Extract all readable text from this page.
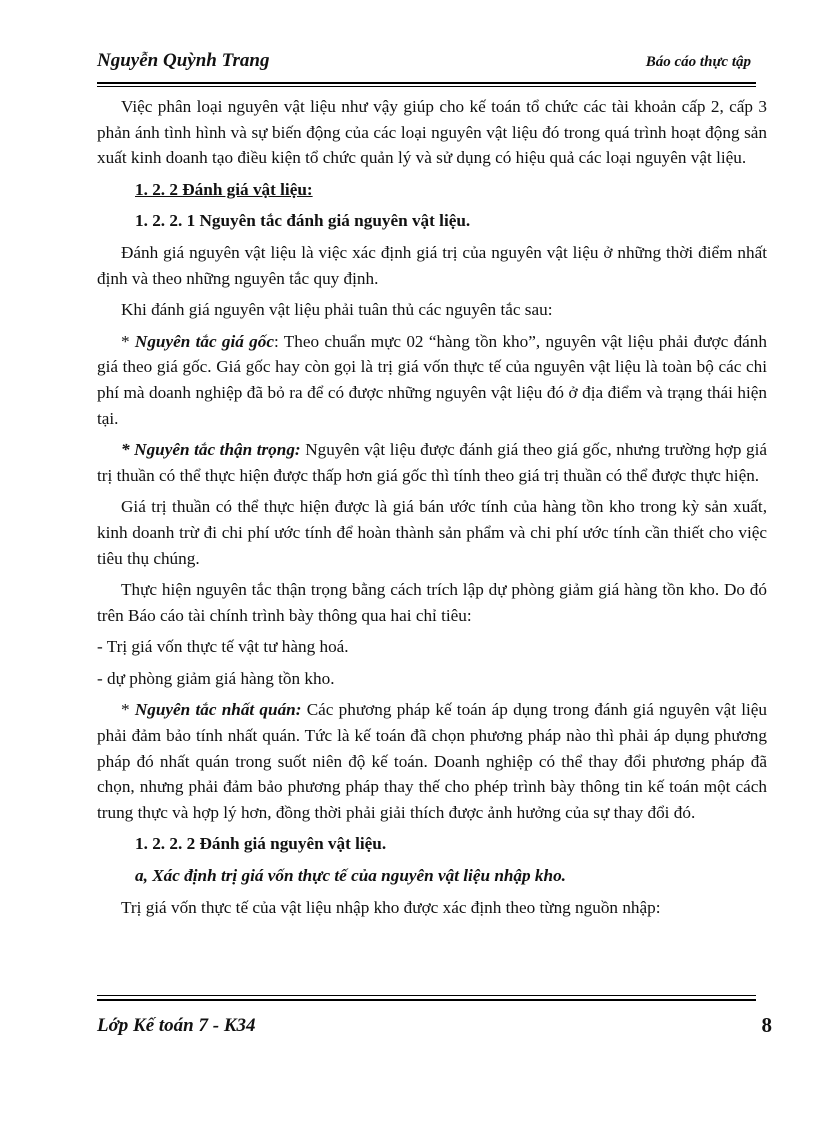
Nguyễn Quỳnh Trang	Báo cáo thực tập

Việc phân loại nguyên vật liệu như vậy giúp cho kế toán tổ chức các tài khoản cấp 2, cấp 3 phản ánh tình hình và sự biến động của các loại nguyên vật liệu đó trong quá trình hoạt động sản xuất kinh doanh tạo điều kiện tổ chức quản lý và sử dụng có hiệu quả các loại nguyên vật liệu.

1. 2. 2 Đánh giá vật liệu:

1. 2. 2. 1 Nguyên tắc đánh giá nguyên vật liệu.

Đánh giá nguyên vật liệu là việc xác định giá trị của nguyên vật liệu ở những thời điểm nhất định và theo những nguyên tắc quy định.

Khi đánh giá nguyên vật liệu phải tuân thủ các nguyên tắc sau:

* Nguyên tắc giá gốc: Theo chuẩn mực 02 “hàng tồn kho”, nguyên vật liệu phải được đánh giá theo giá gốc. Giá gốc hay còn gọi là trị giá vốn thực tế của nguyên vật liệu là toàn bộ các chi phí mà doanh nghiệp đã bỏ ra để có được những nguyên vật liệu đó ở địa điểm và trạng thái hiện tại.

* Nguyên tắc thận trọng: Nguyên vật liệu được đánh giá theo giá gốc, nhưng trường hợp giá trị thuần có thể thực hiện được thấp hơn giá gốc thì tính theo giá trị thuần có thể được thực hiện.

Giá trị thuần có thể thực hiện được là giá bán ước tính của hàng tồn kho trong kỳ sản xuất, kinh doanh trừ đi chi phí ước tính để hoàn thành sản phẩm và chi phí ước tính cần thiết cho việc tiêu thụ chúng.

Thực hiện nguyên tắc thận trọng bằng cách trích lập dự phòng giảm giá hàng tồn kho. Do đó trên Báo cáo tài chính trình bày thông qua hai chỉ tiêu:

- Trị giá vốn thực tế vật tư hàng hoá.

- dự phòng giảm giá hàng tồn kho.

* Nguyên tắc nhất quán: Các phương pháp kế toán áp dụng trong đánh giá nguyên vật liệu phải đảm bảo tính nhất quán. Tức là kế toán đã chọn phương pháp nào thì phải áp dụng phương pháp đó nhất quán trong suốt niên độ kế toán. Doanh nghiệp có thể thay đổi phương pháp đã chọn, nhưng phải đảm bảo phương pháp thay thế cho phép trình bày thông tin kế toán một cách trung thực và hợp lý hơn, đồng thời phải giải thích được ảnh hưởng của sự thay đổi đó.

1. 2. 2. 2 Đánh giá nguyên vật liệu.

a, Xác định trị giá vốn thực tế của nguyên vật liệu nhập kho.

Trị giá vốn thực tế của vật liệu nhập kho được xác định theo từng nguồn nhập:

Lớp Kế toán 7 - K34	8
